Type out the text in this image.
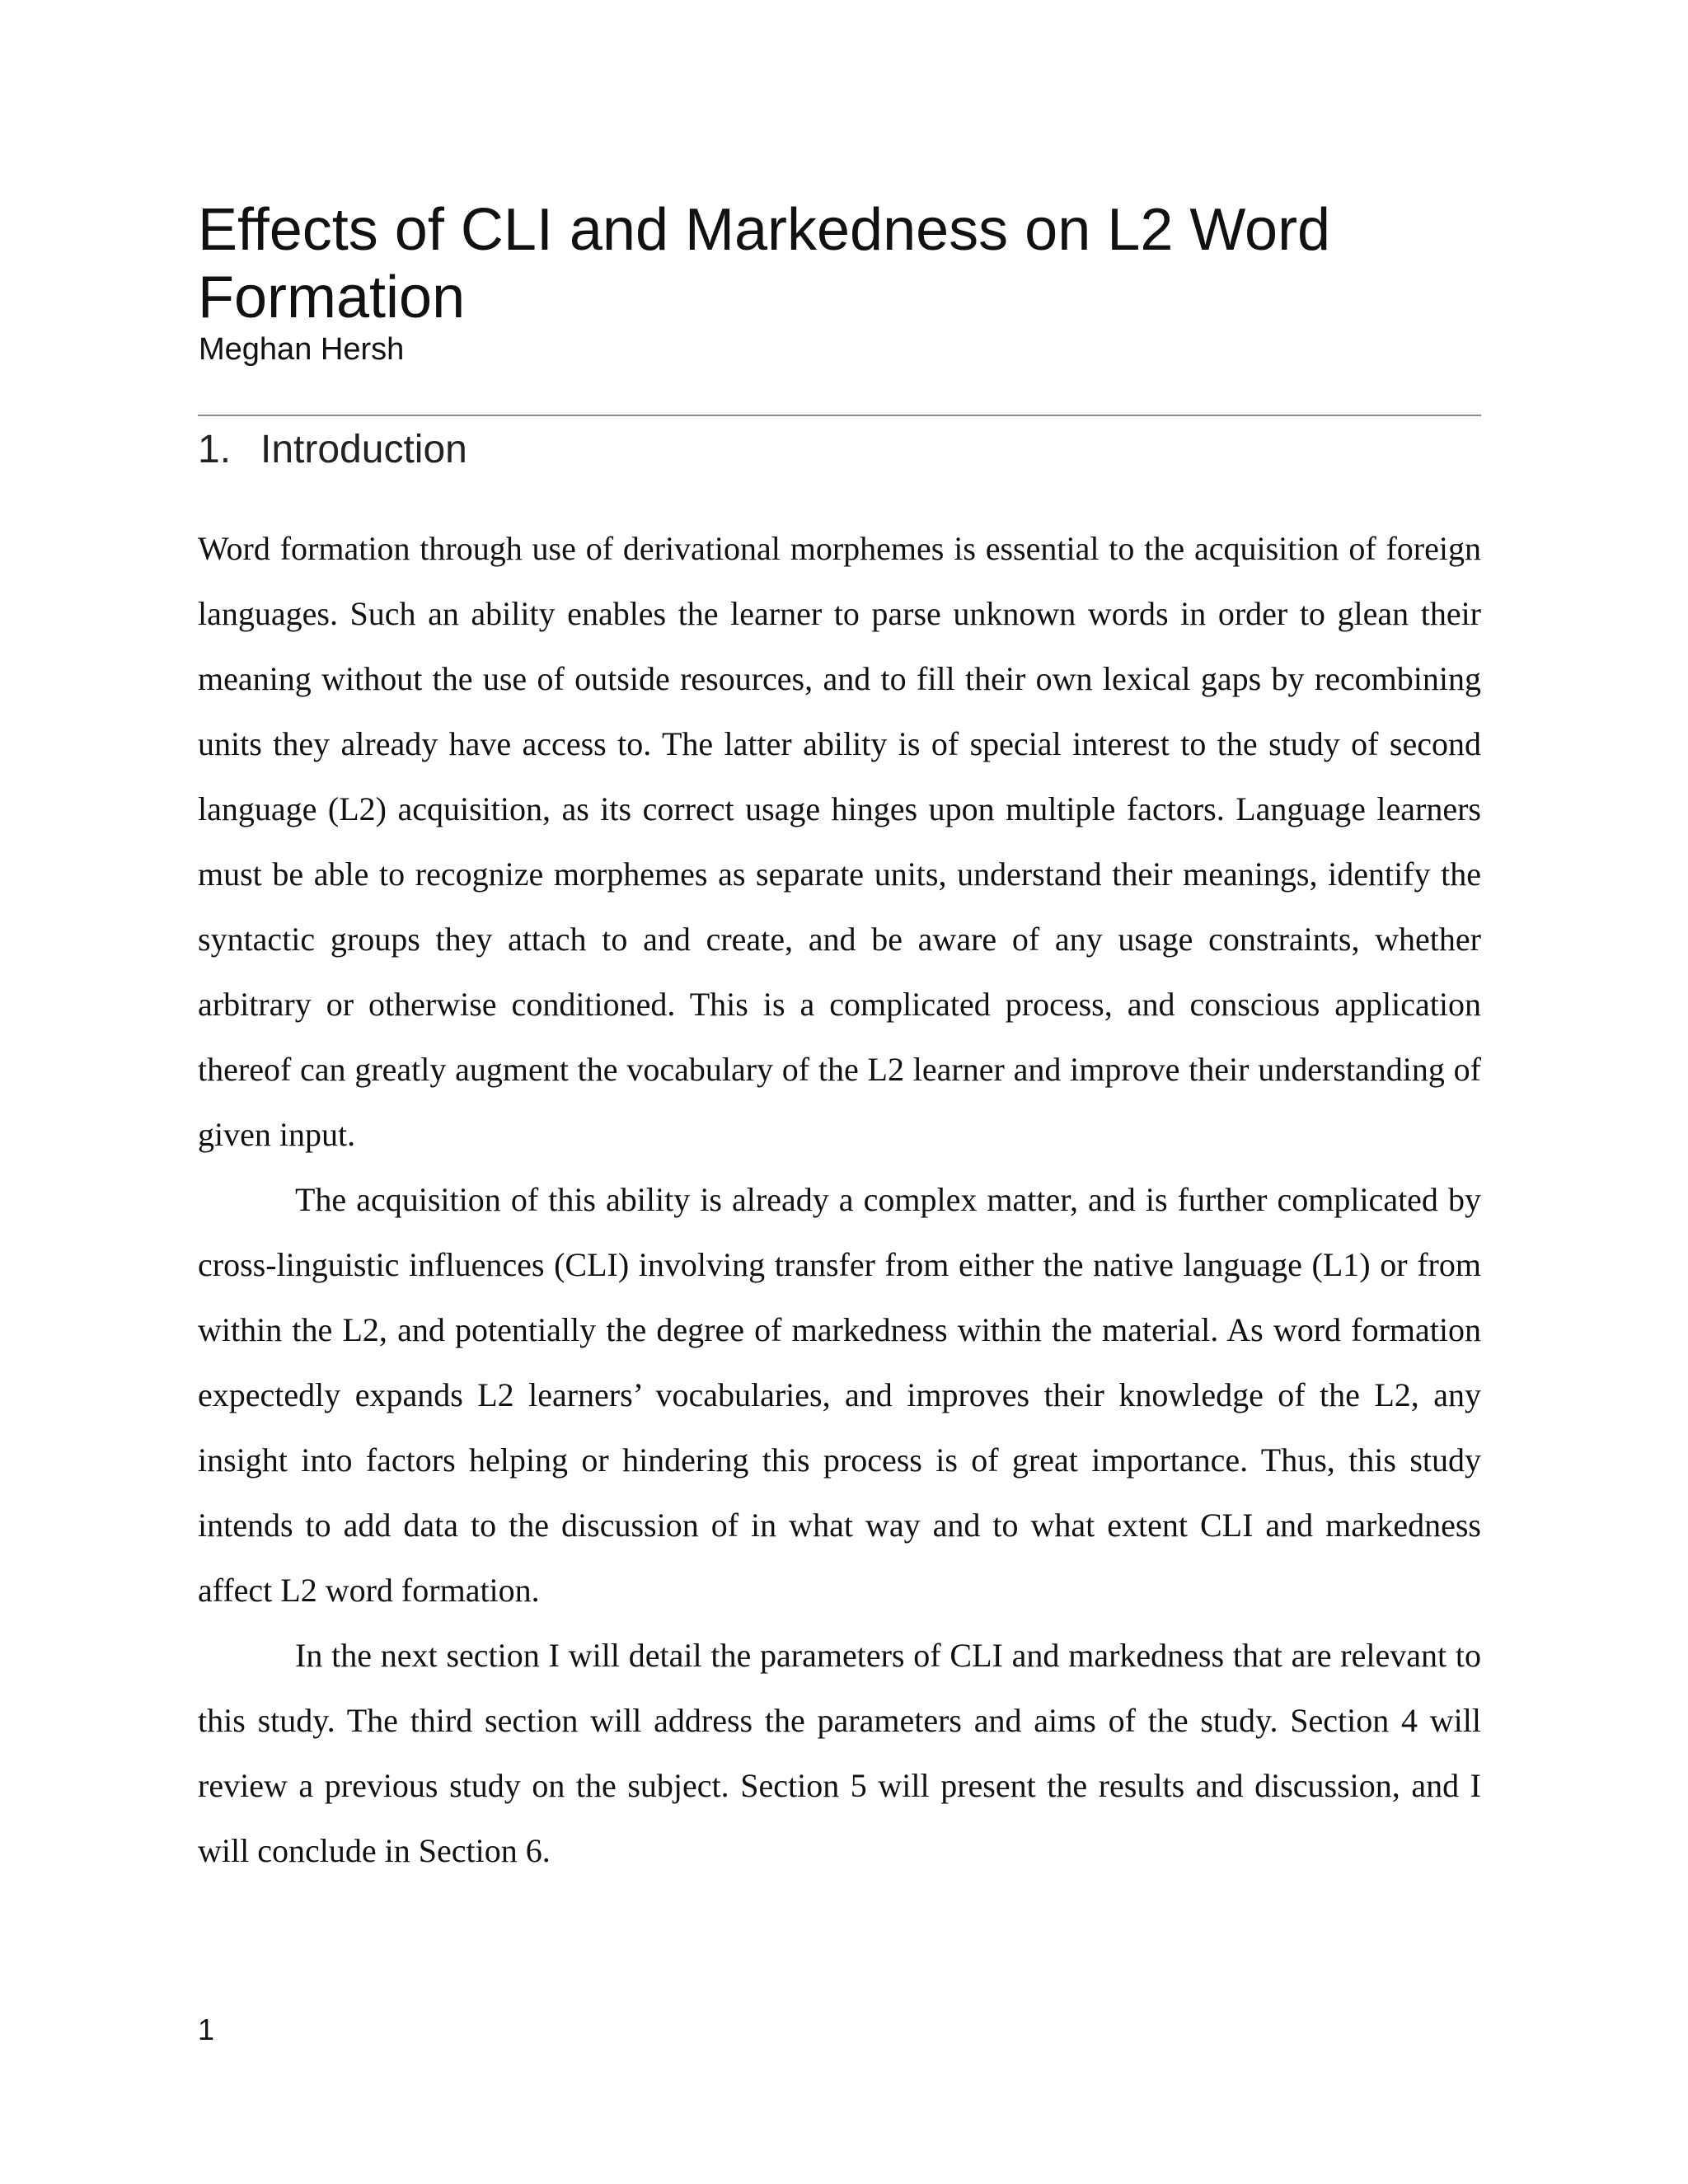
Effects of CLI and Markedness on L2 Word Formation

Meghan Hersh

1. Introduction

Word formation through use of derivational morphemes is essential to the acquisition of foreign languages. Such an ability enables the learner to parse unknown words in order to glean their meaning without the use of outside resources, and to fill their own lexical gaps by recombining units they already have access to. The latter ability is of special interest to the study of second language (L2) acquisition, as its correct usage hinges upon multiple factors. Language learners must be able to recognize morphemes as separate units, understand their meanings, identify the syntactic groups they attach to and create, and be aware of any usage constraints, whether arbitrary or otherwise conditioned. This is a complicated process, and conscious application thereof can greatly augment the vocabulary of the L2 learner and improve their understanding of given input.

The acquisition of this ability is already a complex matter, and is further complicated by cross-linguistic influences (CLI) involving transfer from either the native language (L1) or from within the L2, and potentially the degree of markedness within the material. As word formation expectedly expands L2 learners’ vocabularies, and improves their knowledge of the L2, any insight into factors helping or hindering this process is of great importance. Thus, this study intends to add data to the discussion of in what way and to what extent CLI and markedness affect L2 word formation.

In the next section I will detail the parameters of CLI and markedness that are relevant to this study. The third section will address the parameters and aims of the study. Section 4 will review a previous study on the subject. Section 5 will present the results and discussion, and I will conclude in Section 6.

1
